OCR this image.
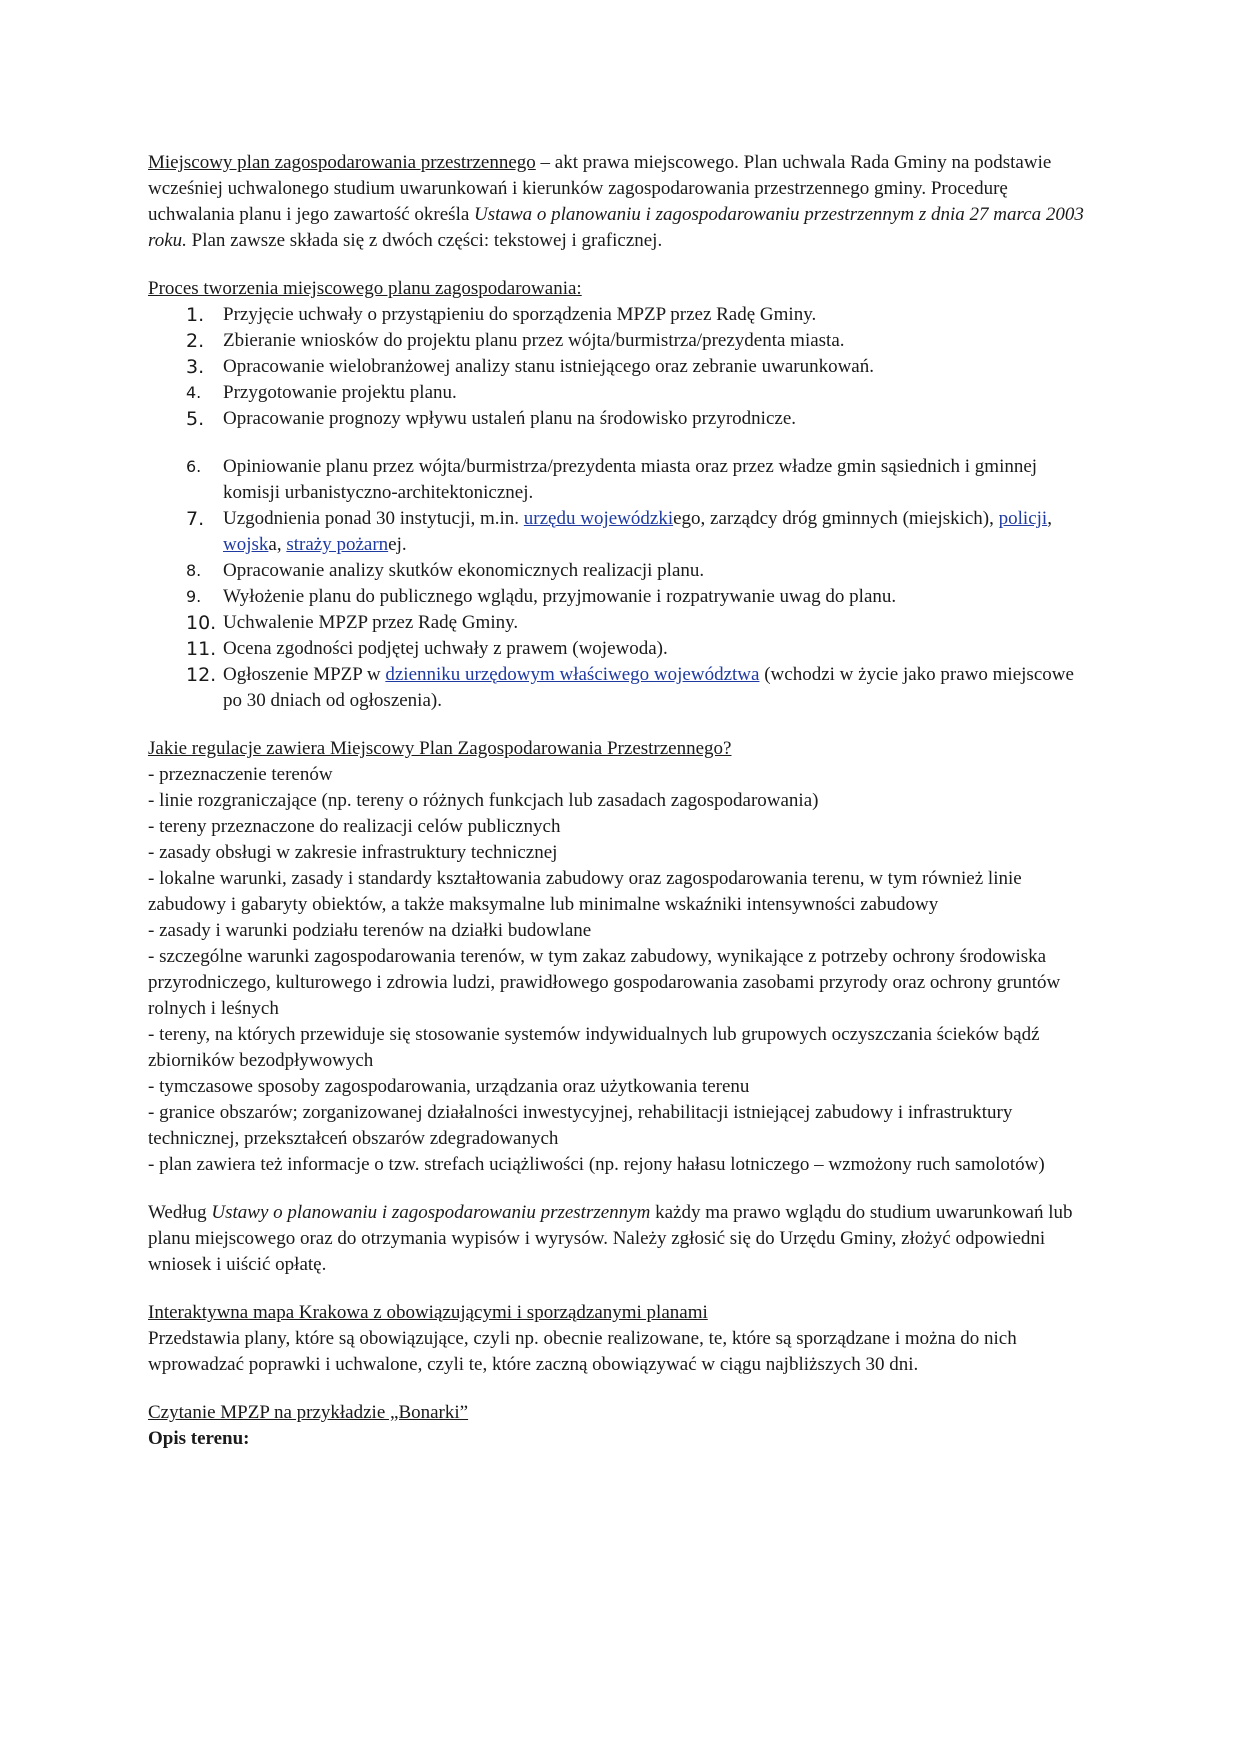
Miejscowy plan zagospodarowania przestrzennego – akt prawa miejscowego. Plan uchwala Rada Gminy na podstawie wcześniej uchwalonego studium uwarunkowań i kierunków zagospodarowania przestrzennego gminy. Procedurę uchwalania planu i jego zawartość określa Ustawa o planowaniu i zagospodarowaniu przestrzennym z dnia 27 marca 2003 roku. Plan zawsze składa się z dwóch części: tekstowej i graficznej.

Proces tworzenia miejscowego planu zagospodarowania:

1. Przyjęcie uchwały o przystąpieniu do sporządzenia MPZP przez Radę Gminy.
2. Zbieranie wniosków do projektu planu przez wójta/burmistrza/prezydenta miasta.
3. Opracowanie wielobranżowej analizy stanu istniejącego oraz zebranie uwarunkowań.
4.	Przygotowanie projektu planu.
5. Opracowanie prognozy wpływu ustaleń planu na środowisko przyrodnicze.
6.	Opiniowanie planu przez wójta/burmistrza/prezydenta miasta oraz przez władze gmin sąsiednich i gminnej komisji urbanistyczno-architektonicznej.
7. Uzgodnienia ponad 30 instytucji, m.in. urzędu wojewódzkiego, zarządcy dróg gminnych (miejskich), policji, wojska, straży pożarnej.
8.	Opracowanie analizy skutków ekonomicznych realizacji planu.
9.	Wyłożenie planu do publicznego wglądu, przyjmowanie i rozpatrywanie uwag do planu.
10. Uchwalenie MPZP przez Radę Gminy.
11. Ocena zgodności podjętej uchwały z prawem (wojewoda).
12. Ogłoszenie MPZP w dzienniku urzędowym właściwego województwa (wchodzi w życie jako prawo miejscowe po 30 dniach od ogłoszenia).

Jakie regulacje zawiera Miejscowy Plan Zagospodarowania Przestrzennego?

- przeznaczenie terenów

- linie rozgraniczające (np. tereny o różnych funkcjach lub zasadach zagospodarowania)

- tereny przeznaczone do realizacji celów publicznych

- zasady obsługi w zakresie infrastruktury technicznej

- lokalne warunki, zasady i standardy kształtowania zabudowy oraz zagospodarowania terenu, w tym również linie zabudowy i gabaryty obiektów, a także maksymalne lub minimalne wskaźniki intensywności zabudowy

- zasady i warunki podziału terenów na działki budowlane

- szczególne warunki zagospodarowania terenów, w tym zakaz zabudowy, wynikające z potrzeby ochrony środowiska przyrodniczego, kulturowego i zdrowia ludzi, prawidłowego gospodarowania zasobami przyrody oraz ochrony gruntów rolnych i leśnych

- tereny, na których przewiduje się stosowanie systemów indywidualnych lub grupowych oczyszczania ścieków bądź zbiorników bezodpływowych

- tymczasowe sposoby zagospodarowania, urządzania oraz użytkowania terenu

- granice obszarów; zorganizowanej działalności inwestycyjnej, rehabilitacji istniejącej zabudowy i infrastruktury technicznej, przekształceń obszarów zdegradowanych

- plan zawiera też informacje o tzw. strefach uciążliwości (np. rejony hałasu lotniczego – wzmożony ruch samolotów)

Według Ustawy o planowaniu i zagospodarowaniu przestrzennym każdy ma prawo wglądu do studium uwarunkowań lub planu miejscowego oraz do otrzymania wypisów i wyrysów. Należy zgłosić się do Urzędu Gminy, złożyć odpowiedni wniosek i uiścić opłatę.

Interaktywna mapa Krakowa z obowiązującymi i sporządzanymi planami

Przedstawia plany, które są obowiązujące, czyli np. obecnie realizowane, te, które są sporządzane i można do nich wprowadzać poprawki i uchwalone, czyli te, które zaczną obowiązywać w ciągu najbliższych 30 dni.

Czytanie MPZP na przykładzie „Bonarki”

Opis terenu:
